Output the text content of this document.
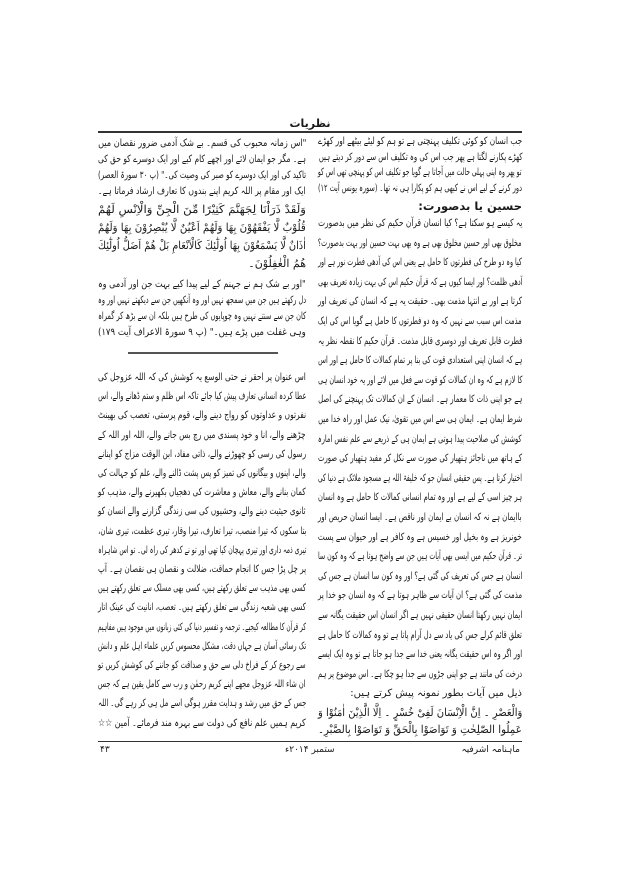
نظریات
جب انسان کو کوئی تکلیف پہنچتی ہے تو ہم کو لیٹے بیٹھے اور کھڑے
کھڑے پکارنے لگتا ہے پھر جب اس کی وہ تکلیف اس سے دور کر دیتے ہیں
تو پھر وہ اپنی پہلی حالت میں آجاتا ہے گویا جو تکلیف اس کو پہنچی تھی اس کو
دور کرنے کے لیے اس نے کبھی ہم کو پکارا ہی نہ تھا۔ (سورہ یونس آیت ۱۲)
حسین یا بدصورت:
یہ کیسے ہو سکتا ہے؟ کیا انسان قرآن حکیم کی نظر میں بدصورت
مخلوق بھی اور حسین مخلوق بھی ہے وہ بھی بہت حسین اور بہت بدصورت؟
کیا وہ دو طرح کی فطرتوں کا حامل ہے یعنی اس کی آدھی فطرت نور ہے اور
آدھی ظلمت؟ اور ایسا کیوں ہے کہ قرآن حکیم اس کی بہت زیادہ تعریف بھی
کرتا ہے اور بے انتہا مذمت بھی۔ حقیقت یہ ہے کہ انسان کی تعریف اور
مذمت اس سبب سے نہیں کہ وہ دو فطرتوں کا حامل ہے گویا اس کی ایک
فطرت قابل تعریف اور دوسری قابل مذمت۔ قرآن حکیم کا نقطہ نظر یہ
ہے کہ انسان اپنی استعدادی قوت کی بنا پر تمام کمالات کا حامل ہے اور اس
کا لازم ہے کہ وہ ان کمالات کو قوت سے فعل میں لائے اور یہ خود انسان ہی
ہے جو اپنی ذات کا معمار ہے۔ انسان کے ان کمالات تک پہنچنے کی اصل
شرط ایمان ہے۔ ایمان ہی سے اس میں تقویٰ، نیک عمل اور راہ خدا میں
کوشش کی صلاحیت پیدا ہوتی ہے ایمان ہی کے ذریعے سے علم نفس امارہ
کے ہاتھ میں ناجائز ہتھیار کی صورت سے نکل کر مفید ہتھیار کی صورت
اختیار کرتا ہے۔ پس حقیقی انسان جو کہ خلیفۃ اللہ ہے مسجود ملائک ہے دنیا کی
ہر چیز اسی کے لیے ہے اور وہ تمام انسانی کمالات کا حامل ہے وہ انسان
باایمان ہے نہ کہ انسان بے ایمان اور ناقص ہے۔ ایسا انسان حریص اور
خونریز ہے وہ بخیل اور خسیس ہے وہ کافر ہے اور حیوان سے پست
تر۔ قرآن حکیم میں ایسی بھی آیات ہیں جن سے واضح ہوتا ہے کہ وہ کون سا
انسان ہے جس کی تعریف کی گئی ہے؟ اور وہ کون سا انسان ہے جس کی
مذمت کی گئی ہے؟ ان آیات سے ظاہر ہوتا ہے کہ وہ انسان جو خدا پر
ایمان نہیں رکھتا انسان حقیقی نہیں ہے اگر انسان اس حقیقت یگانہ سے
تعلق قائم کرلے جس کی یاد سے دل آرام پاتا ہے تو وہ کمالات کا حامل ہے
اور اگر وہ اس حقیقت یگانہ یعنی خدا سے جدا ہو جاتا ہے تو وہ ایک ایسے
درخت کی مانند ہے جو اپنی جڑوں سے جدا ہو چکا ہے۔ اس موضوع پر ہم
ذیل میں آیات بطور نمونہ پیش کرتے ہیں:
وَالْعَصْرِ ۔ اِنَّ الْاِنْسَانَ لَفِیْ خُسْرٍ ۔ اِلَّا الَّذِیْنَ اٰمَنُوْا وَ
عَمِلُوا الصّٰلِحٰتِ وَ تَوَاصَوْا بِالْحَقِّ وَ تَوَاصَوْا بِالصَّبْرِ۔
"اس زمانہ محبوب کی قسم۔ بے شک آدمی ضرور نقصان میں
ہے۔ مگر جو ایمان لائے اور اچھے کام کیے اور ایک دوسرے کو حق کی
تاکید کی اور ایک دوسرے کو صبر کی وصیت کی۔" (پ ۳۰ سورۃ العصر)
ایک اور مقام پر اللہ کریم اپنے بندوں کا تعارف ارشاد فرماتا ہے۔
وَلَقَدْ ذَرَاْنَا لِجَهَنَّمَ كَثِیْرًا مِّنَ الْجِنِّ وَالْاِنْسِ لَهُمْ
قُلُوْبٌ لَّا یَفْقَهُوْنَ بِهَا وَلَهُمْ اَعْیُنٌ لَّا یُبْصِرُوْنَ بِهَا وَلَهُمْ
اٰذَانٌ لَّا یَسْمَعُوْنَ بِهَا اُولٰٓئِكَ كَالْاَنْعَامِ بَلْ هُمْ اَضَلُّ اُولٰٓئِكَ
هُمُ الْغٰفِلُوْنَ۔
"اور بے شک ہم نے جہنم کے لیے پیدا کیے بہت جن اور آدمی وہ
دل رکھتے ہیں جن میں سمجھ نہیں اور وہ آنکھیں جن سے دیکھتے نہیں اور وہ
کان جن سے سنتے نہیں وہ چوپایوں کی طرح ہیں بلکہ ان سے بڑھ کر گمراہ
وہی غفلت میں پڑے ہیں۔" (پ ۹ سورۃ الاعراف آیت ۱۷۹)
اس عنوان پر احقر نے حتی الوسع یہ کوشش کی کہ اللہ عزوجل کی
عطا کردہ انسانی تعارف پیش کیا جائے تاکہ اس ظلم و ستم ڈھانے والے، اس
نفرتوں و عداوتوں کو رواج دینے والے، قوم پرستی، تعصب کی بھینٹ
چڑھنے والے، انا و خود پسندی میں رچ بس جانے والے، اللہ اور اللہ کے
رسول کی رسی کو چھوڑنے والے، ذاتی مفاد، ابن الوقت مزاج کو اپنانے
والے، اپنوں و بیگانوں کی تمیز کو پس پشت ڈالنے والے، علم کو جہالت کی
کمان بنانے والے، معاش و معاشرت کی دھجیاں بکھیرنے والے، مذہب کو
ثانوی حیثیت دینے والے، وحشیوں کی سی زندگی گزارنے والے انسان کو
بتا سکوں کہ تیرا منصب، تیرا تعارف، تیرا وقار، تیری عظمت، تیری شان،
تیری ذمہ داری اور تیری پہچان کیا تھی اور تو نے کدھر کی راہ لی۔ تو اس شاہراہ
پر چل پڑا جس کا انجام حماقت، ضلالت و نقصان ہی نقصان ہے۔ آپ
کسی بھی مذہب سے تعلق رکھتے ہیں، کسی بھی مسلک سے تعلق رکھتے ہیں
کسی بھی شعبہ زندگی سے تعلق رکھتے ہیں۔ تعصب، انانیت کی عینک اتار
کر قرآن کا مطالعہ کیجیے۔ ترجمہ و تفسیر دنیا کی کئی زبانوں میں موجود ہیں مفاہیم
تک رسائی آسان ہے جہاں دقت، مشکل محسوس کریں علماء اہل علم و دانش
سے رجوع کر کے فراخ دلی سے حق و صداقت کو جاننے کی کوشش کریں تو
ان شاء اللہ عزوجل مجھے اپنے کریم رحمٰن و رب سے کامل یقین ہے کہ جس
جس کے حق میں رشد و ہدایت مقرر ہوگی اسے مل ہی کر رہے گی۔ اللہ
کریم ہمیں علم نافع کی دولت سے بہرہ مند فرمائے۔ آمین ☆☆
ماہنامہ اشرفیہ
ستمبر ۲۰۱۴ء
۴۳
